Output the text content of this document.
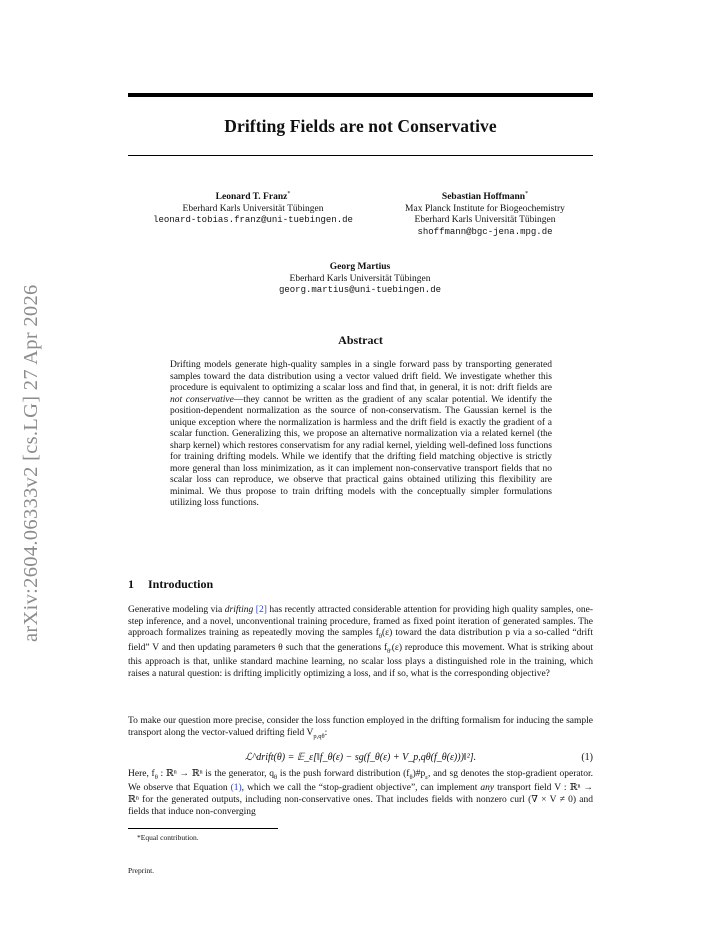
arXiv:2604.06333v2 [cs.LG] 27 Apr 2026
Drifting Fields are not Conservative
Leonard T. Franz*
Eberhard Karls Universität Tübingen
leonard-tobias.franz@uni-tuebingen.de
Sebastian Hoffmann*
Max Planck Institute for Biogeochemistry
Eberhard Karls Universität Tübingen
shoffmann@bgc-jena.mpg.de
Georg Martius
Eberhard Karls Universität Tübingen
georg.martius@uni-tuebingen.de
Abstract
Drifting models generate high-quality samples in a single forward pass by transporting generated samples toward the data distribution using a vector valued drift field. We investigate whether this procedure is equivalent to optimizing a scalar loss and find that, in general, it is not: drift fields are not conservative—they cannot be written as the gradient of any scalar potential. We identify the position-dependent normalization as the source of non-conservatism. The Gaussian kernel is the unique exception where the normalization is harmless and the drift field is exactly the gradient of a scalar function. Generalizing this, we propose an alternative normalization via a related kernel (the sharp kernel) which restores conservatism for any radial kernel, yielding well-defined loss functions for training drifting models. While we identify that the drifting field matching objective is strictly more general than loss minimization, as it can implement non-conservative transport fields that no scalar loss can reproduce, we observe that practical gains obtained utilizing this flexibility are minimal. We thus propose to train drifting models with the conceptually simpler formulations utilizing loss functions.
1 Introduction
Generative modeling via drifting [2] has recently attracted considerable attention for providing high quality samples, one-step inference, and a novel, unconventional training procedure, framed as fixed point iteration of generated samples. The approach formalizes training as repeatedly moving the samples $f_\theta(\varepsilon)$ toward the data distribution p via a so-called “drift field” V and then updating parameters θ such that the generations $f_{\theta'}(\varepsilon)$ reproduce this movement. What is striking about this approach is that, unlike standard machine learning, no scalar loss plays a distinguished role in the training, which raises a natural question: is drifting implicitly optimizing a loss, and if so, what is the corresponding objective?
To make our question more precise, consider the loss function employed in the drifting formalism for inducing the sample transport along the vector-valued drifting field $V_{p,q\theta}$:
ℒ^drift(θ) = 𝔼_ε[‖f_θ(ε) − sg(f_θ(ε) + V_p,qθ(f_θ(ε)))‖²].	(1)
Here, $f_\theta$ : ℝⁿ → ℝⁿ is the generator, $q_\theta$ is the push forward distribution $(f_\theta)\#p_\varepsilon$, and sg denotes the stop-gradient operator. We observe that Equation (1), which we call the “stop-gradient objective”, can implement any transport field V : ℝⁿ → ℝⁿ for the generated outputs, including non-conservative ones. That includes fields with nonzero curl (∇ × V ≠ 0) and fields that induce non-converging
*Equal contribution.
Preprint.
